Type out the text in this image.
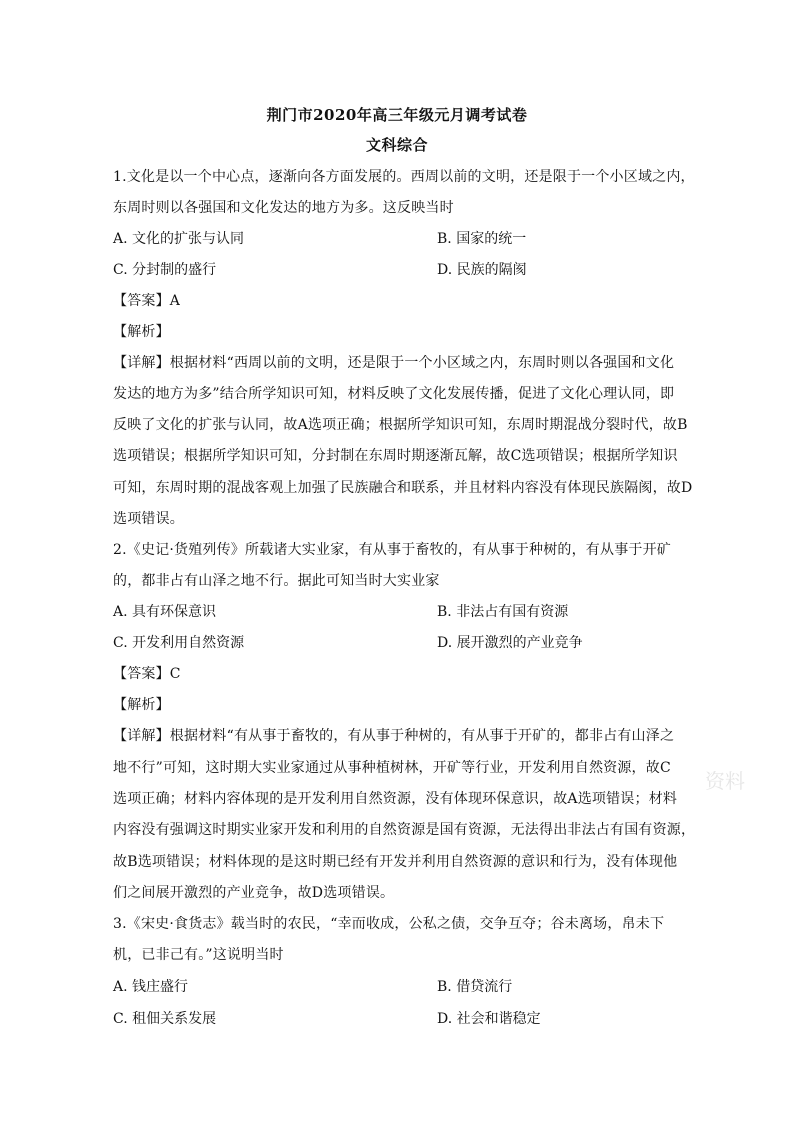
荆门市2020年高三年级元月调考试卷
文科综合
1.文化是以一个中心点，逐渐向各方面发展的。西周以前的文明，还是限于一个小区域之内，
东周时则以各强国和文化发达的地方为多。这反映当时
A. 文化的扩张与认同	B. 国家的统一
C. 分封制的盛行	D. 民族的隔阂
【答案】A
【解析】
【详解】根据材料“西周以前的文明，还是限于一个小区域之内，东周时则以各强国和文化
发达的地方为多”结合所学知识可知，材料反映了文化发展传播，促进了文化心理认同，即
反映了文化的扩张与认同，故A选项正确；根据所学知识可知，东周时期混战分裂时代，故B
选项错误；根据所学知识可知，分封制在东周时期逐渐瓦解，故C选项错误；根据所学知识
可知，东周时期的混战客观上加强了民族融合和联系，并且材料内容没有体现民族隔阂，故D
选项错误。
2.《史记·货殖列传》所载诸大实业家，有从事于畜牧的，有从事于种树的，有从事于开矿
的，都非占有山泽之地不行。据此可知当时大实业家
A. 具有环保意识	B. 非法占有国有资源
C. 开发利用自然资源	D. 展开激烈的产业竞争
【答案】C
【解析】
【详解】根据材料“有从事于畜牧的，有从事于种树的，有从事于开矿的，都非占有山泽之
地不行”可知，这时期大实业家通过从事种植树林，开矿等行业，开发利用自然资源，故C
选项正确；材料内容体现的是开发利用自然资源，没有体现环保意识，故A选项错误；材料
内容没有强调这时期实业家开发和利用的自然资源是国有资源，无法得出非法占有国有资源，
故B选项错误；材料体现的是这时期已经有开发并利用自然资源的意识和行为，没有体现他
们之间展开激烈的产业竞争，故D选项错误。
3.《宋史·食货志》载当时的农民，“幸而收成，公私之债，交争互夺；谷未离场，帛未下
机，已非己有。”这说明当时
A. 钱庄盛行	B. 借贷流行
C. 租佃关系发展	D. 社会和谐稳定
资料
